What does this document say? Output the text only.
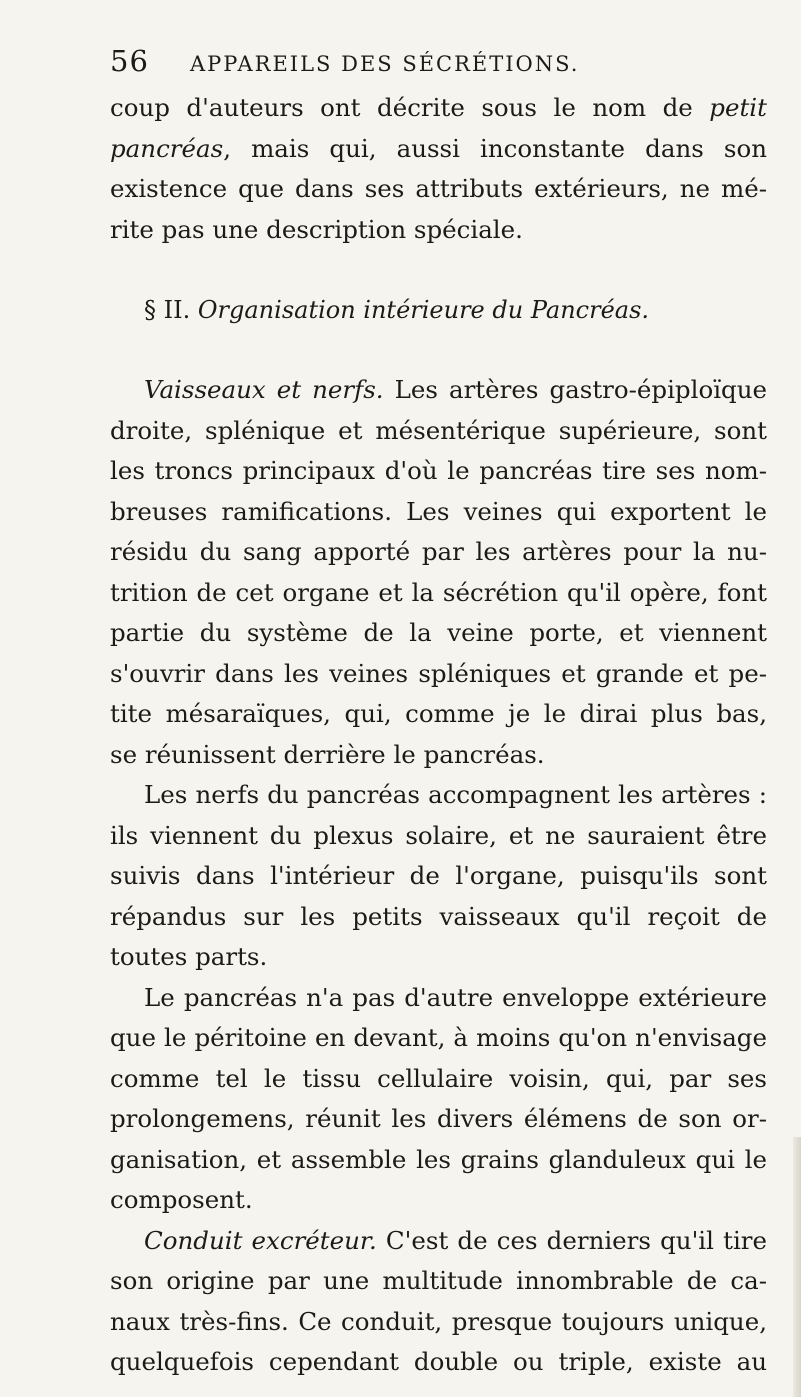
56	APPAREILS DES SÉCRÉTIONS.
coup d'auteurs ont décrite sous le nom de petit
pancréas, mais qui, aussi inconstante dans son
existence que dans ses attributs extérieurs, ne mé-
rite pas une description spéciale.
§ II. Organisation intérieure du Pancréas.
Vaisseaux et nerfs. Les artères gastro-épiploïque
droite, splénique et mésentérique supérieure, sont
les troncs principaux d'où le pancréas tire ses nom-
breuses ramifications. Les veines qui exportent le
résidu du sang apporté par les artères pour la nu-
trition de cet organe et la sécrétion qu'il opère, font
partie du système de la veine porte, et viennent
s'ouvrir dans les veines spléniques et grande et pe-
tite mésaraïques, qui, comme je le dirai plus bas,
se réunissent derrière le pancréas.
Les nerfs du pancréas accompagnent les artères :
ils viennent du plexus solaire, et ne sauraient être
suivis dans l'intérieur de l'organe, puisqu'ils sont
répandus sur les petits vaisseaux qu'il reçoit de
toutes parts.
Le pancréas n'a pas d'autre enveloppe extérieure
que le péritoine en devant, à moins qu'on n'envisage
comme tel le tissu cellulaire voisin, qui, par ses
prolongemens, réunit les divers élémens de son or-
ganisation, et assemble les grains glanduleux qui le
composent.
Conduit excréteur. C'est de ces derniers qu'il tire
son origine par une multitude innombrable de ca-
naux très-fins. Ce conduit, presque toujours unique,
quelquefois cependant double ou triple, existe au
